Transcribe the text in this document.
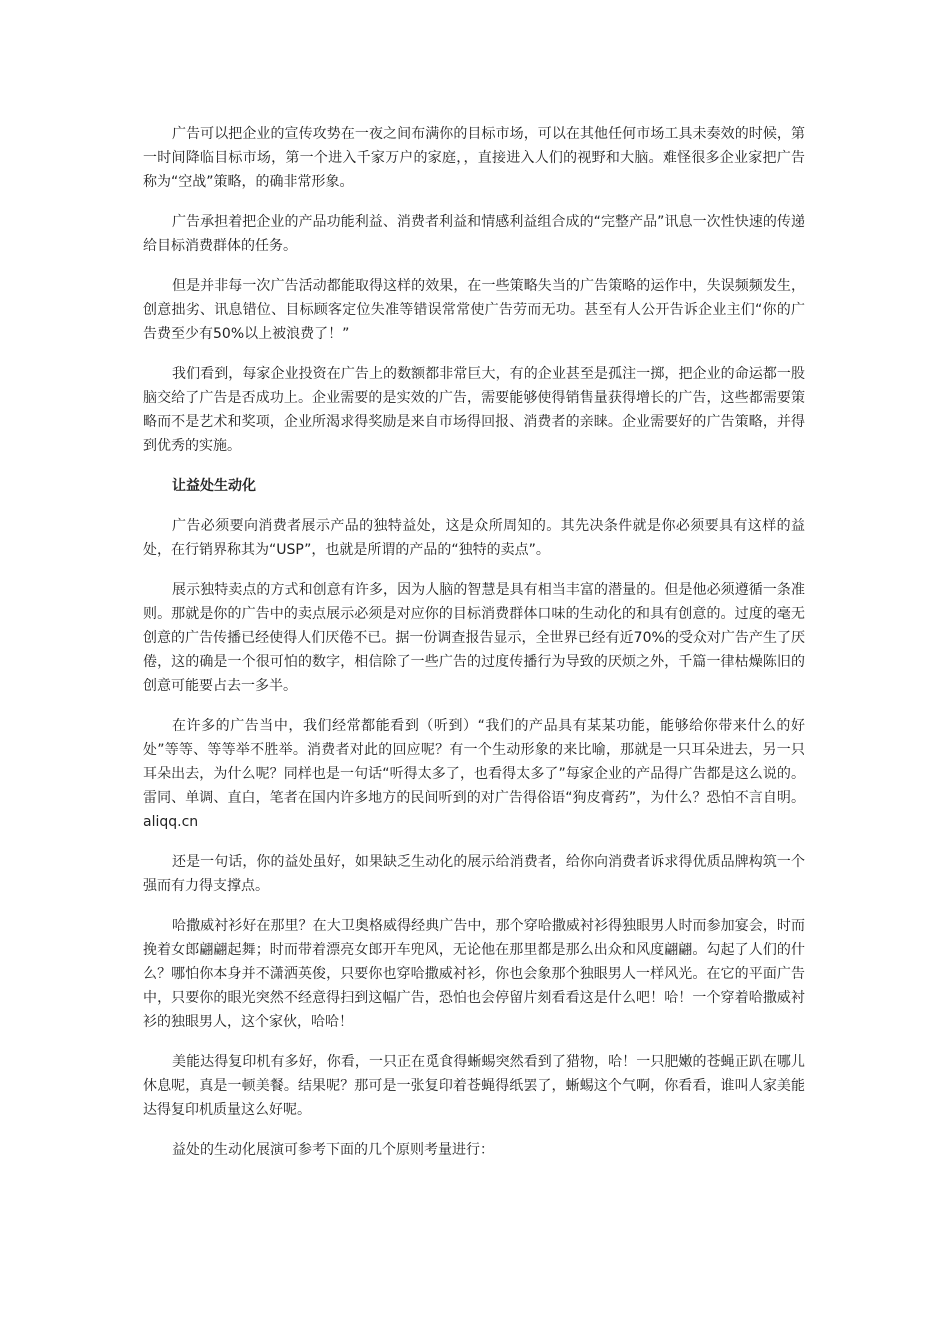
广告可以把企业的宣传攻势在一夜之间布满你的目标市场，可以在其他任何市场工具未奏效的时候，第一时间降临目标市场，第一个进入千家万户的家庭，，直接进入人们的视野和大脑。难怪很多企业家把广告称为“空战”策略，的确非常形象。

广告承担着把企业的产品功能利益、消费者利益和情感利益组合成的“完整产品”讯息一次性快速的传递给目标消费群体的任务。

但是并非每一次广告活动都能取得这样的效果，在一些策略失当的广告策略的运作中，失误频频发生，创意拙劣、讯息错位、目标顾客定位失准等错误常常使广告劳而无功。甚至有人公开告诉企业主们“你的广告费至少有50%以上被浪费了！”

我们看到，每家企业投资在广告上的数额都非常巨大，有的企业甚至是孤注一掷，把企业的命运都一股脑交给了广告是否成功上。企业需要的是实效的广告，需要能够使得销售量获得增长的广告，这些都需要策略而不是艺术和奖项，企业所渴求得奖励是来自市场得回报、消费者的亲睐。企业需要好的广告策略，并得到优秀的实施。

让益处生动化

广告必须要向消费者展示产品的独特益处，这是众所周知的。其先决条件就是你必须要具有这样的益处，在行销界称其为“USP”，也就是所谓的产品的“独特的卖点”。

展示独特卖点的方式和创意有许多，因为人脑的智慧是具有相当丰富的潜量的。但是他必须遵循一条准则。那就是你的广告中的卖点展示必须是对应你的目标消费群体口味的生动化的和具有创意的。过度的毫无创意的广告传播已经使得人们厌倦不已。据一份调查报告显示，全世界已经有近70%的受众对广告产生了厌倦，这的确是一个很可怕的数字，相信除了一些广告的过度传播行为导致的厌烦之外，千篇一律枯燥陈旧的创意可能要占去一多半。

在许多的广告当中，我们经常都能看到（听到）“我们的产品具有某某功能，能够给你带来什么的好处”等等、等等举不胜举。消费者对此的回应呢？有一个生动形象的来比喻，那就是一只耳朵进去，另一只耳朵出去，为什么呢？同样也是一句话“听得太多了，也看得太多了”每家企业的产品得广告都是这么说的。雷同、单调、直白，笔者在国内许多地方的民间听到的对广告得俗语“狗皮膏药”，为什么？恐怕不言自明。 aliqq.cn

还是一句话，你的益处虽好，如果缺乏生动化的展示给消费者，给你向消费者诉求得优质品牌构筑一个强而有力得支撑点。

哈撒威衬衫好在那里？在大卫奥格威得经典广告中，那个穿哈撒威衬衫得独眼男人时而参加宴会，时而挽着女郎翩翩起舞；时而带着漂亮女郎开车兜风，无论他在那里都是那么出众和风度翩翩。勾起了人们的什么？哪怕你本身并不潇洒英俊，只要你也穿哈撒威衬衫，你也会象那个独眼男人一样风光。在它的平面广告中，只要你的眼光突然不经意得扫到这幅广告，恐怕也会停留片刻看看这是什么吧！哈！一个穿着哈撒威衬衫的独眼男人，这个家伙，哈哈！

美能达得复印机有多好，你看，一只正在觅食得蜥蜴突然看到了猎物，哈！一只肥嫩的苍蝇正趴在哪儿休息呢，真是一顿美餐。结果呢？那可是一张复印着苍蝇得纸罢了，蜥蜴这个气啊，你看看，谁叫人家美能达得复印机质量这么好呢。

益处的生动化展演可参考下面的几个原则考量进行：
